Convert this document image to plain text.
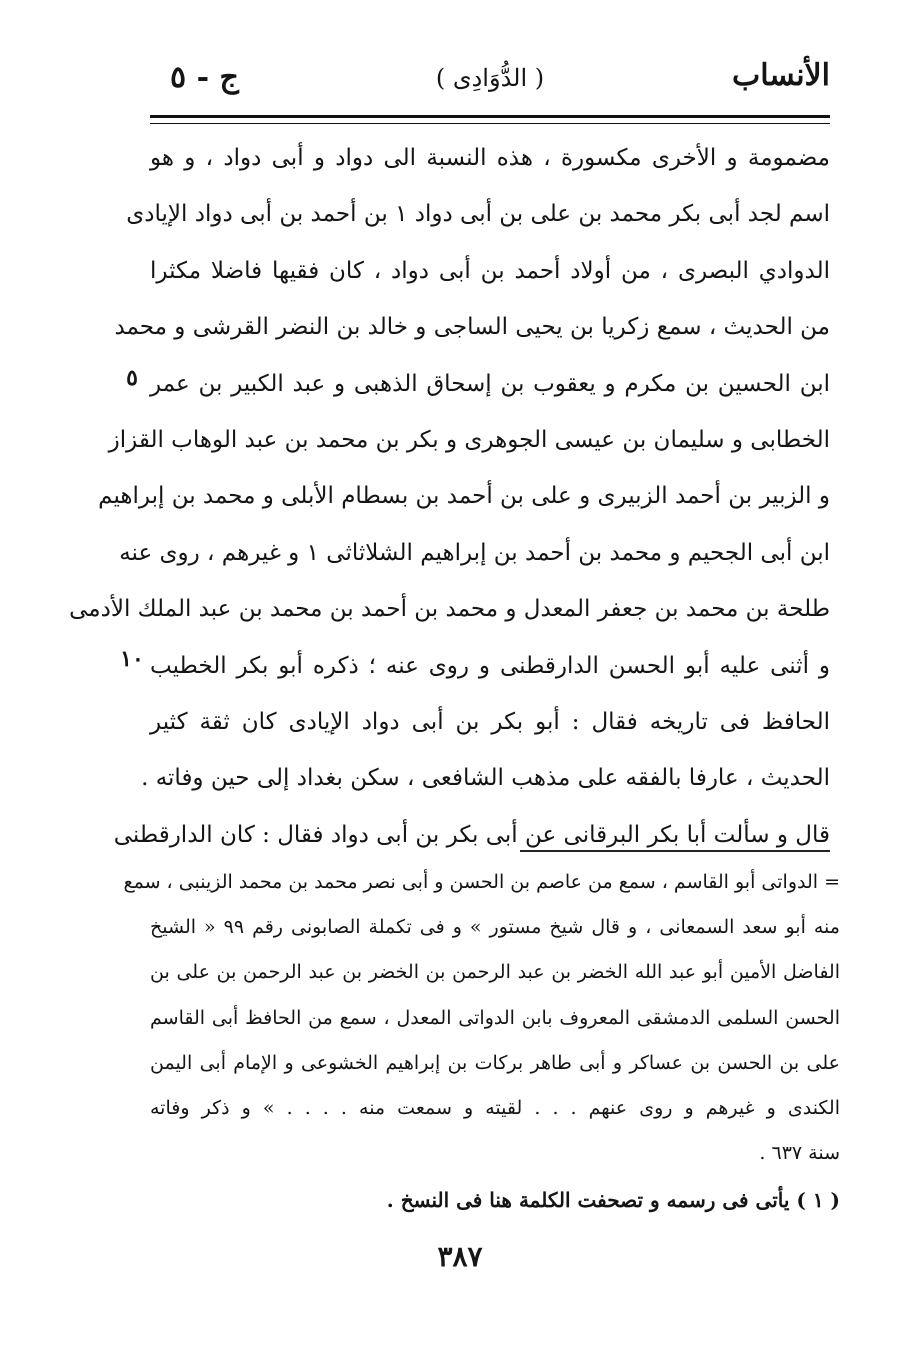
الأنساب
( الدُّوَادِى )
ج - ٥
مضمومة و الأخرى مكسورة ، هذه النسبة الى دواد و أبى دواد ، و هو
اسم لجد أبى بكر محمد بن على بن أبى دواد ١ بن أحمد بن أبى دواد الإيادى
الدوادي البصرى ، من أولاد أحمد بن أبى دواد ، كان فقيها فاضلا مكثرا
من الحديث ، سمع زكريا بن يحيى الساجى و خالد بن النضر القرشى و محمد
ابن الحسين بن مكرم و يعقوب بن إسحاق الذهبى و عبد الكبير بن عمر
الخطابى و سليمان بن عيسى الجوهرى و بكر بن محمد بن عبد الوهاب القزاز
و الزبير بن أحمد الزبيرى و على بن أحمد بن بسطام الأبلى و محمد بن إبراهيم
ابن أبى الجحيم و محمد بن أحمد بن إبراهيم الشلاثاثى ١ و غيرهم ، روى عنه
طلحة بن محمد بن جعفر المعدل و محمد بن أحمد بن محمد بن عبد الملك الأدمى
و أثنى عليه أبو الحسن الدارقطنى و روى عنه ؛ ذكره أبو بكر الخطيب
الحافظ فى تاريخه فقال : أبو بكر بن أبى دواد الإيادى كان ثقة كثير
الحديث ، عارفا بالفقه على مذهب الشافعى ، سكن بغداد إلى حين وفاته .
قال و سألت أبا بكر البرقانى عن أبى بكر بن أبى دواد فقال : كان الدارقطنى
٥
١٠
= الدواتى أبو القاسم ، سمع من عاصم بن الحسن و أبى نصر محمد بن محمد الزينبى ، سمع
منه أبو سعد السمعانى ، و قال شيخ مستور » و فى تكملة الصابونى رقم ٩٩ « الشيخ
الفاضل الأمين أبو عبد الله الخضر بن عبد الرحمن بن الخضر بن عبد الرحمن بن على بن
الحسن السلمى الدمشقى المعروف بابن الدواتى المعدل ، سمع من الحافظ أبى القاسم
على بن الحسن بن عساكر و أبى طاهر بركات بن إبراهيم الخشوعى و الإمام أبى اليمن
الكندى و غيرهم و روى عنهم . . . لقيته و سمعت منه . . . . » و ذكر وفاته
سنة ٦٣٧ .
( ١ ) يأتى فى رسمه و تصحفت الكلمة هنا فى النسخ .
٣٨٧
